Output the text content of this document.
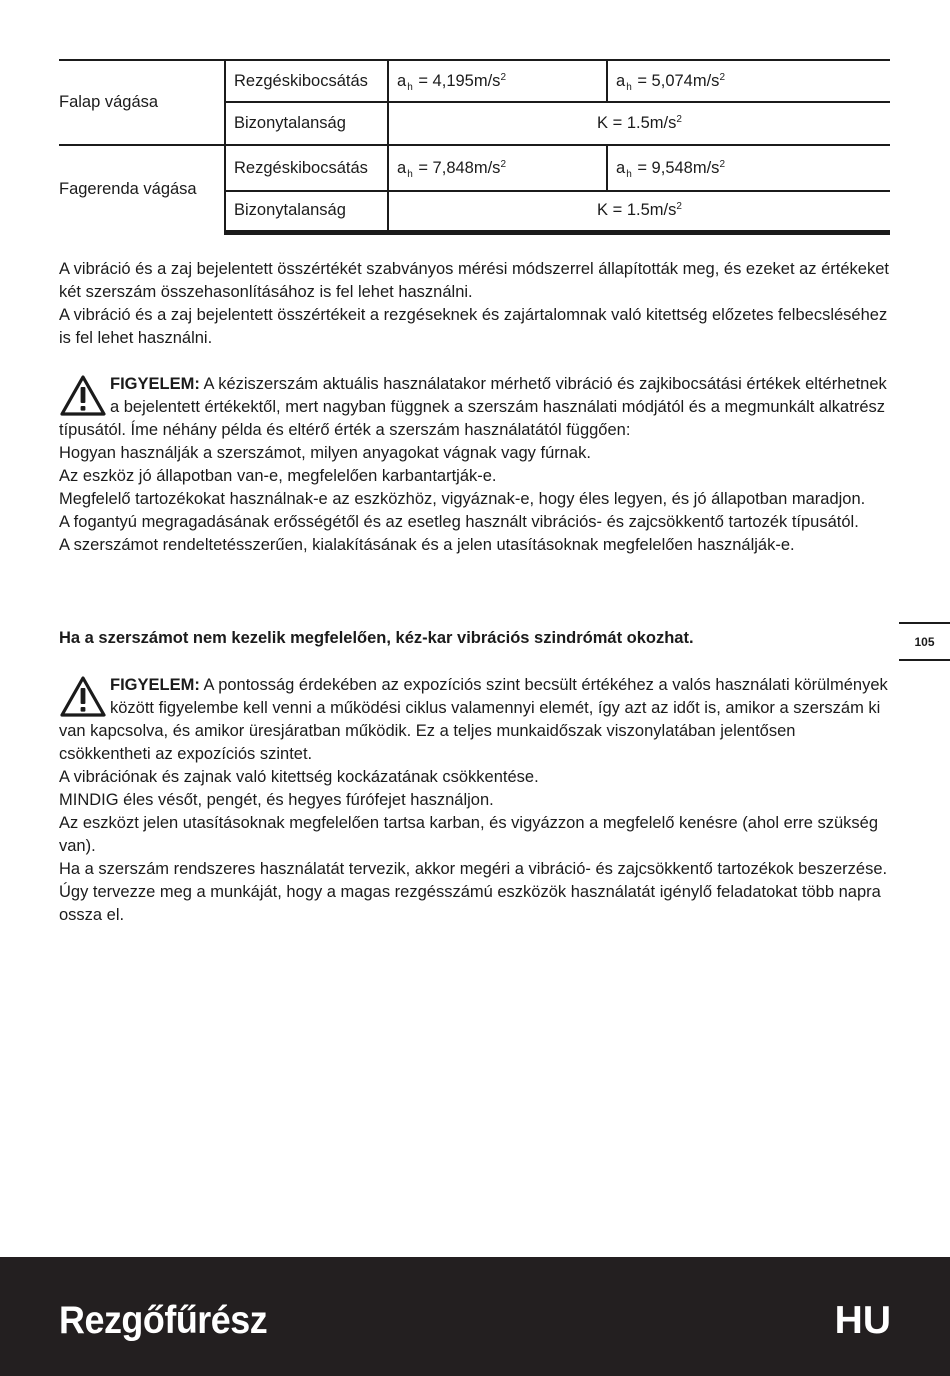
Falap vágása	Rezgéskibocsátás	$a_h = 4,195m/s^2$	$a_h = 5,074m/s^2$
	Bizonytalanság	$K = 1.5m/s^2$
Fagerenda vágása	Rezgéskibocsátás	$a_h = 7,848m/s^2$	$a_h = 9,548m/s^2$
	Bizonytalanság	$K = 1.5m/s^2$

A vibráció és a zaj bejelentett összértékét szabványos mérési módszerrel állapították meg, és ezeket az értékeket két szerszám összehasonlításához is fel lehet használni.

A vibráció és a zaj bejelentett összértékeit a rezgéseknek és zajártalomnak való kitettség előzetes felbecsléséhez is fel lehet használni.

FIGYELEM: A kéziszerszám aktuális használatakor mérhető vibráció és zajkibocsátási értékek eltérhetnek a bejelentett értékektől, mert nagyban függnek a szerszám használati módjától és a megmunkált alkatrész típusától. Íme néhány példa és eltérő érték a szerszám használatától függően:

Hogyan használják a szerszámot, milyen anyagokat vágnak vagy fúrnak.

Az eszköz jó állapotban van-e, megfelelően karbantartják-e.

Megfelelő tartozékokat használnak-e az eszközhöz, vigyáznak-e, hogy éles legyen, és jó állapotban maradjon.

A fogantyú megragadásának erősségétől és az esetleg használt vibrációs- és zajcsökkentő tartozék típusától.

A szerszámot rendeltetésszerűen, kialakításának és a jelen utasításoknak megfelelően használják-e.

Ha a szerszámot nem kezelik megfelelően, kéz-kar vibrációs szindrómát okozhat.	105

FIGYELEM: A pontosság érdekében az expozíciós szint becsült értékéhez a valós használati körülmények között figyelembe kell venni a működési ciklus valamennyi elemét, így azt az időt is, amikor a szerszám ki van kapcsolva, és amikor üresjáratban működik. Ez a teljes munkaidőszak viszonylatában jelentősen csökkentheti az expozíciós szintet.

A vibrációnak és zajnak való kitettség kockázatának csökkentése.

MINDIG éles vésőt, pengét, és hegyes fúrófejet használjon.

Az eszközt jelen utasításoknak megfelelően tartsa karban, és vigyázzon a megfelelő kenésre (ahol erre szükség van).

Ha a szerszám rendszeres használatát tervezik, akkor megéri a vibráció- és zajcsökkentő tartozékok beszerzése.

Úgy tervezze meg a munkáját, hogy a magas rezgésszámú eszközök használatát igénylő feladatokat több napra ossza el.

Rezgőfűrész	HU
